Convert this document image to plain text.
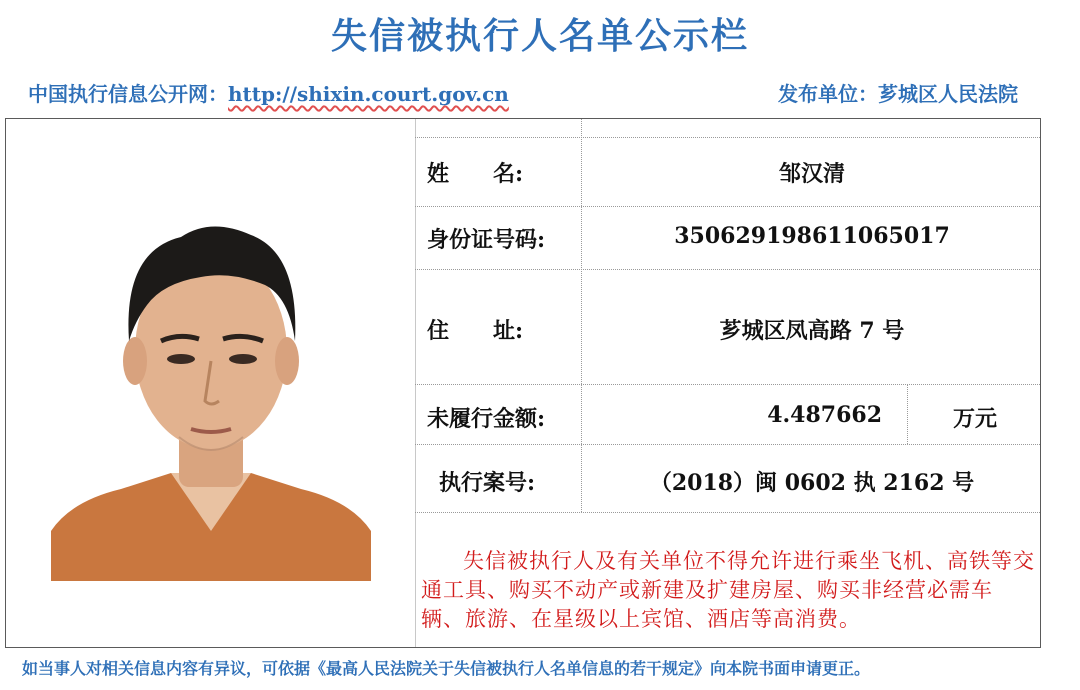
失信被执行人名单公示栏
中国执行信息公开网：http://shixin.court.gov.cn	发布单位：芗城区人民法院
姓　　名:	邹汉清
身份证号码:	350629198611065017
住　　址:	芗城区凤高路 7 号
未履行金额:	4.487662	万元
执行案号:	（2018）闽 0602 执 2162 号
失信被执行人及有关单位不得允许进行乘坐飞机、高铁等交通工具、购买不动产或新建及扩建房屋、购买非经营必需车辆、旅游、在星级以上宾馆、酒店等高消费。
如当事人对相关信息内容有异议，可依据《最高人民法院关于失信被执行人名单信息的若干规定》向本院书面申请更正。
